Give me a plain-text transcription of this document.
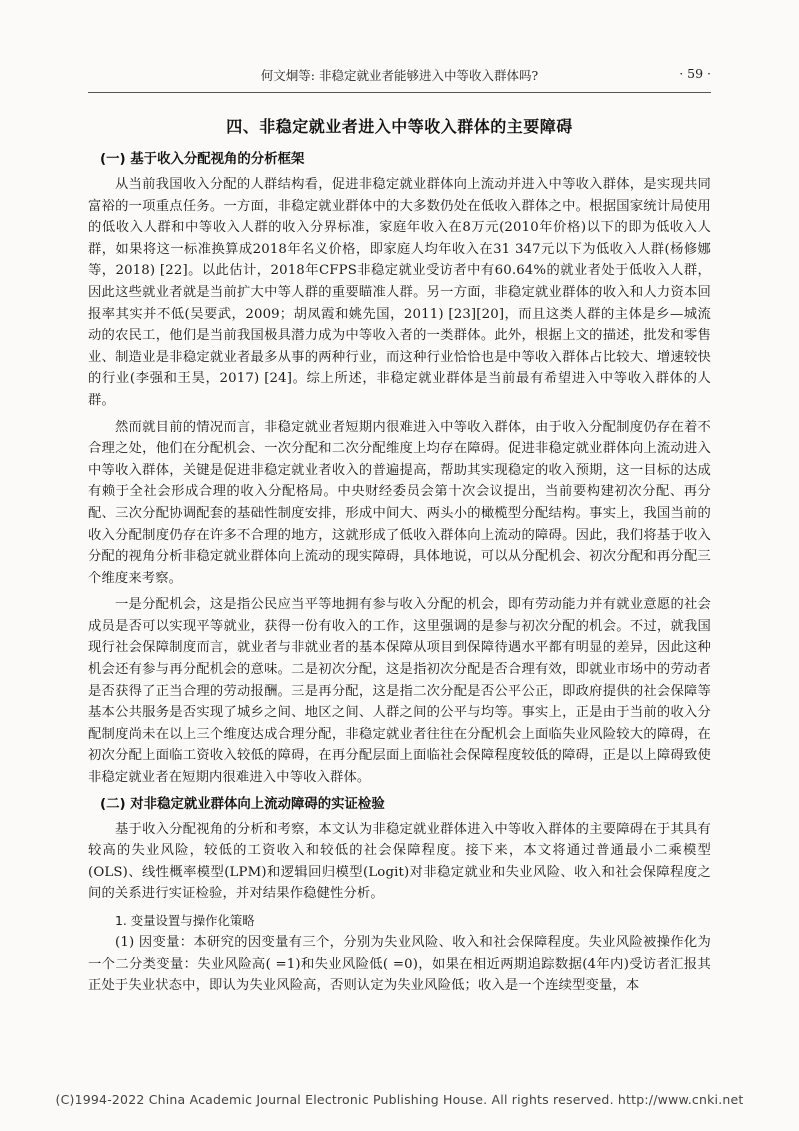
何文炯等: 非稳定就业者能够进入中等收入群体吗?	· 59 ·
四、非稳定就业者进入中等收入群体的主要障碍
(一) 基于收入分配视角的分析框架

从当前我国收入分配的人群结构看，促进非稳定就业群体向上流动并进入中等收入群体，是实现共同富裕的一项重点任务。一方面，非稳定就业群体中的大多数仍处在低收入群体之中。根据国家统计局使用的低收入人群和中等收入人群的收入分界标准，家庭年收入在8万元(2010年价格)以下的即为低收入人群，如果将这一标准换算成2018年名义价格，即家庭人均年收入在31 347元以下为低收入人群(杨修娜等，2018) [22]。以此估计，2018年CFPS非稳定就业受访者中有60.64%的就业者处于低收入人群，因此这些就业者就是当前扩大中等人群的重要瞄准人群。另一方面，非稳定就业群体的收入和人力资本回报率其实并不低(吴要武，2009；胡凤霞和姚先国，2011) [23][20]，而且这类人群的主体是乡—城流动的农民工，他们是当前我国极具潜力成为中等收入者的一类群体。此外，根据上文的描述，批发和零售业、制造业是非稳定就业者最多从事的两种行业，而这种行业恰恰也是中等收入群体占比较大、增速较快的行业(李强和王昊，2017) [24]。综上所述，非稳定就业群体是当前最有希望进入中等收入群体的人群。

然而就目前的情况而言，非稳定就业者短期内很难进入中等收入群体，由于收入分配制度仍存在着不合理之处，他们在分配机会、一次分配和二次分配维度上均存在障碍。促进非稳定就业群体向上流动进入中等收入群体，关键是促进非稳定就业者收入的普遍提高，帮助其实现稳定的收入预期，这一目标的达成有赖于全社会形成合理的收入分配格局。中央财经委员会第十次会议提出，当前要构建初次分配、再分配、三次分配协调配套的基础性制度安排，形成中间大、两头小的橄榄型分配结构。事实上，我国当前的收入分配制度仍存在许多不合理的地方，这就形成了低收入群体向上流动的障碍。因此，我们将基于收入分配的视角分析非稳定就业群体向上流动的现实障碍，具体地说，可以从分配机会、初次分配和再分配三个维度来考察。

一是分配机会，这是指公民应当平等地拥有参与收入分配的机会，即有劳动能力并有就业意愿的社会成员是否可以实现平等就业，获得一份有收入的工作，这里强调的是参与初次分配的机会。不过，就我国现行社会保障制度而言，就业者与非就业者的基本保障从项目到保障待遇水平都有明显的差异，因此这种机会还有参与再分配机会的意味。二是初次分配，这是指初次分配是否合理有效，即就业市场中的劳动者是否获得了正当合理的劳动报酬。三是再分配，这是指二次分配是否公平公正，即政府提供的社会保障等基本公共服务是否实现了城乡之间、地区之间、人群之间的公平与均等。事实上，正是由于当前的收入分配制度尚未在以上三个维度达成合理分配，非稳定就业者往往在分配机会上面临失业风险较大的障碍，在初次分配上面临工资收入较低的障碍，在再分配层面上面临社会保障程度较低的障碍，正是以上障碍致使非稳定就业者在短期内很难进入中等收入群体。

(二) 对非稳定就业群体向上流动障碍的实证检验

基于收入分配视角的分析和考察，本文认为非稳定就业群体进入中等收入群体的主要障碍在于其具有较高的失业风险，较低的工资收入和较低的社会保障程度。接下来，本文将通过普通最小二乘模型(OLS)、线性概率模型(LPM)和逻辑回归模型(Logit)对非稳定就业和失业风险、收入和社会保障程度之间的关系进行实证检验，并对结果作稳健性分析。

1. 变量设置与操作化策略

(1) 因变量：本研究的因变量有三个，分别为失业风险、收入和社会保障程度。失业风险被操作化为一个二分类变量：失业风险高( =1)和失业风险低( =0)，如果在相近两期追踪数据(4年内)受访者汇报其正处于失业状态中，即认为失业风险高，否则认定为失业风险低；收入是一个连续型变量，本

(C)1994-2022 China Academic Journal Electronic Publishing House. All rights reserved. http://www.cnki.net
